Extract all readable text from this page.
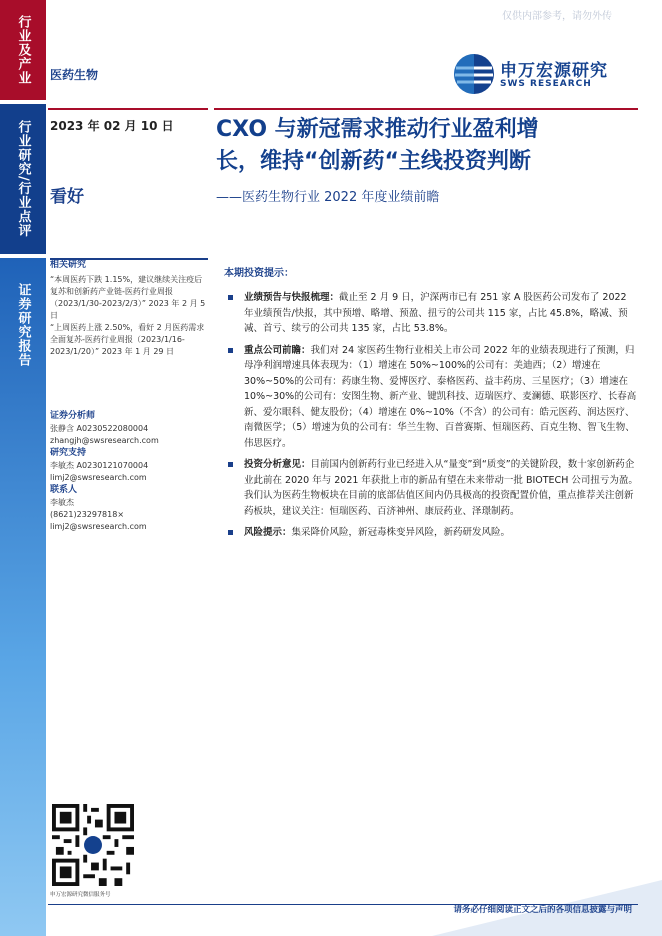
行业及产业
行业研究/行业点评
证券研究报告
仅供内部参考，请勿外传
医药生物	申万宏源研究
SWS RESEARCH
2023 年 02 月 10 日
看好
CXO 与新冠需求推动行业盈利增
长，维持“创新药“主线投资判断
——医药生物行业 2022 年度业绩前瞻
相关研究
“本周医药下跌 1.15%，建议继续关注疫后复苏和创新药产业链-医药行业周报（2023/1/30-2023/2/3）” 2023 年 2 月 5 日
“上周医药上涨 2.50%，看好 2 月医药需求全面复苏-医药行业周报（2023/1/16-2023/1/20）” 2023 年 1 月 29 日
证券分析师
张静含 A0230522080004
zhangjh@swsresearch.com
研究支持
李敏杰 A0230121070004
limj2@swsresearch.com
联系人
李敏杰
(8621)23297818×
limj2@swsresearch.com
本期投资提示：
业绩预告与快报梳理：截止至 2 月 9 日，沪深两市已有 251 家 A 股医药公司发布了 2022 年业绩预告/快报，其中预增、略增、预盈、扭亏的公司共 115 家，占比 45.8%，略减、预减、首亏、续亏的公司共 135 家，占比 53.8%。
重点公司前瞻：我们对 24 家医药生物行业相关上市公司 2022 年的业绩表现进行了预测，归母净利润增速具体表现为：（1）增速在 50%~100%的公司有：美迪西；（2）增速在 30%~50%的公司有：药康生物、爱博医疗、泰格医药、益丰药房、三星医疗；（3）增速在 10%~30%的公司有：安图生物、新产业、键凯科技、迈瑞医疗、麦澜德、联影医疗、长春高新、爱尔眼科、健友股份；（4）增速在 0%~10%（不含）的公司有：皓元医药、润达医疗、南微医学；（5）增速为负的公司有：华兰生物、百普赛斯、恒瑞医药、百克生物、智飞生物、伟思医疗。
投资分析意见：目前国内创新药行业已经进入从“量变”到“质变”的关键阶段，数十家创新药企业此前在 2020 年与 2021 年获批上市的新品有望在未来带动一批 BIOTECH 公司扭亏为盈。我们认为医药生物板块在目前的底部估值区间内仍具极高的投资配置价值，重点推荐关注创新药板块，建议关注：恒瑞医药、百济神州、康辰药业、泽璟制药。
风险提示：集采降价风险，新冠毒株变异风险，新药研发风险。
申万宏源研究微信服务号
请务必仔细阅读正文之后的各项信息披露与声明
